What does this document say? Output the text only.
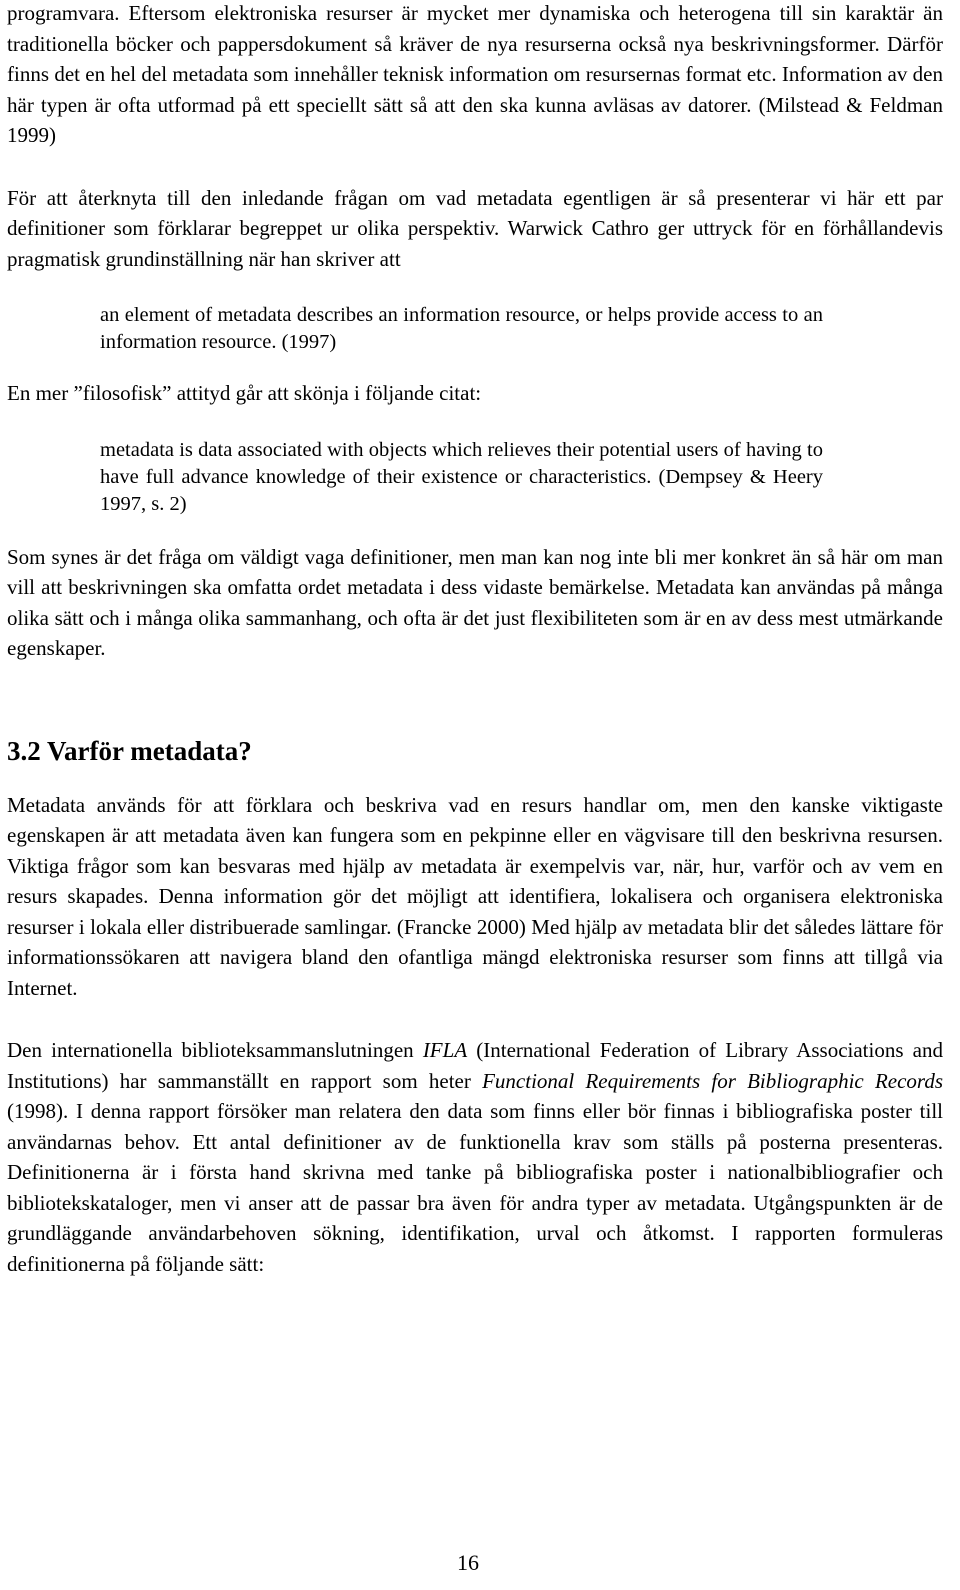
programvara. Eftersom elektroniska resurser är mycket mer dynamiska och heterogena till sin karaktär än traditionella böcker och pappersdokument så kräver de nya resurserna också nya beskrivningsformer. Därför finns det en hel del metadata som innehåller teknisk information om resursernas format etc. Information av den här typen är ofta utformad på ett speciellt sätt så att den ska kunna avläsas av datorer. (Milstead & Feldman 1999)

För att återknyta till den inledande frågan om vad metadata egentligen är så presenterar vi här ett par definitioner som förklarar begreppet ur olika perspektiv. Warwick Cathro ger uttryck för en förhållandevis pragmatisk grundinställning när han skriver att

an element of metadata describes an information resource, or helps provide access to an information resource. (1997)

En mer ”filosofisk” attityd går att skönja i följande citat:

metadata is data associated with objects which relieves their potential users of having to have full advance knowledge of their existence or characteristics. (Dempsey & Heery 1997, s. 2)

Som synes är det fråga om väldigt vaga definitioner, men man kan nog inte bli mer konkret än så här om man vill att beskrivningen ska omfatta ordet metadata i dess vidaste bemärkelse. Metadata kan användas på många olika sätt och i många olika sammanhang, och ofta är det just flexibiliteten som är en av dess mest utmärkande egenskaper.

3.2 Varför metadata?

Metadata används för att förklara och beskriva vad en resurs handlar om, men den kanske viktigaste egenskapen är att metadata även kan fungera som en pekpinne eller en vägvisare till den beskrivna resursen. Viktiga frågor som kan besvaras med hjälp av metadata är exempelvis var, när, hur, varför och av vem en resurs skapades. Denna information gör det möjligt att identifiera, lokalisera och organisera elektroniska resurser i lokala eller distribuerade samlingar. (Francke 2000) Med hjälp av metadata blir det således lättare för informationssökaren att navigera bland den ofantliga mängd elektroniska resurser som finns att tillgå via Internet.

Den internationella biblioteksammanslutningen IFLA (International Federation of Library Associations and Institutions) har sammanställt en rapport som heter Functional Requirements for Bibliographic Records (1998). I denna rapport försöker man relatera den data som finns eller bör finnas i bibliografiska poster till användarnas behov. Ett antal definitioner av de funktionella krav som ställs på posterna presenteras. Definitionerna är i första hand skrivna med tanke på bibliografiska poster i nationalbibliografier och bibliotekskataloger, men vi anser att de passar bra även för andra typer av metadata. Utgångspunkten är de grundläggande användarbehoven sökning, identifikation, urval och åtkomst. I rapporten formuleras definitionerna på följande sätt:

16
